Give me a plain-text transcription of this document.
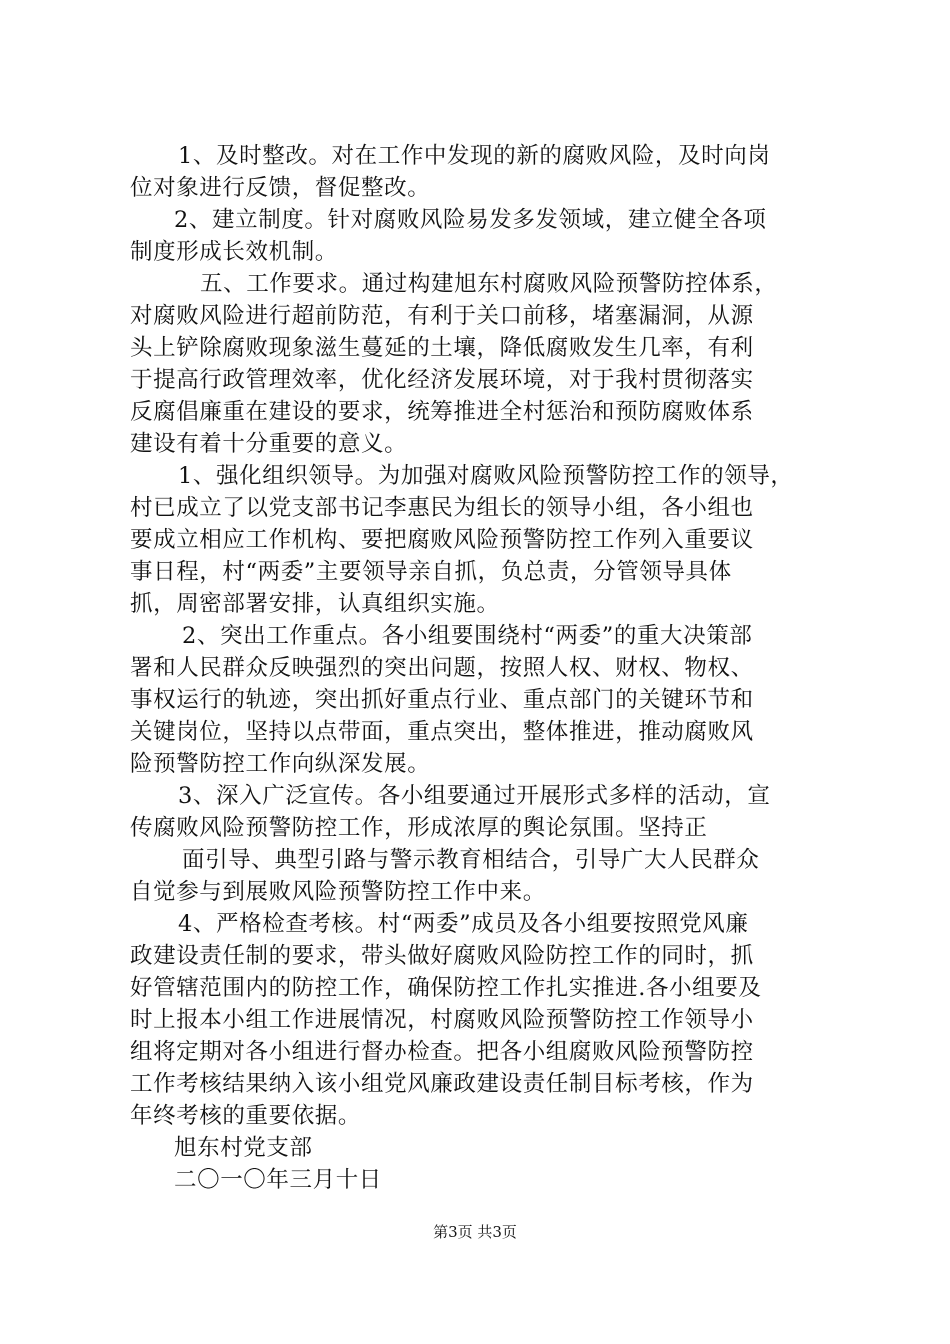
1、及时整改。对在工作中发现的新的腐败风险，及时向岗
位对象进行反馈，督促整改。
2、建立制度。针对腐败风险易发多发领域，建立健全各项
制度形成长效机制。
五、工作要求。通过构建旭东村腐败风险预警防控体系，
对腐败风险进行超前防范，有利于关口前移，堵塞漏洞，从源
头上铲除腐败现象滋生蔓延的土壤，降低腐败发生几率，有利
于提高行政管理效率，优化经济发展环境，对于我村贯彻落实
反腐倡廉重在建设的要求，统筹推进全村惩治和预防腐败体系
建设有着十分重要的意义。
1、强化组织领导。为加强对腐败风险预警防控工作的领导，
村已成立了以党支部书记李惠民为组长的领导小组，各小组也
要成立相应工作机构、要把腐败风险预警防控工作列入重要议
事日程，村“两委”主要领导亲自抓，负总责，分管领导具体
抓，周密部署安排，认真组织实施。
2、突出工作重点。各小组要围绕村“两委”的重大决策部
署和人民群众反映强烈的突出问题，按照人权、财权、物权、
事权运行的轨迹，突出抓好重点行业、重点部门的关键环节和
关键岗位，坚持以点带面，重点突出，整体推进，推动腐败风
险预警防控工作向纵深发展。
3、深入广泛宣传。各小组要通过开展形式多样的活动，宣
传腐败风险预警防控工作，形成浓厚的舆论氛围。坚持正
面引导、典型引路与警示教育相结合，引导广大人民群众
自觉参与到展败风险预警防控工作中来。
4、严格检查考核。村“两委”成员及各小组要按照党风廉
政建设责任制的要求，带头做好腐败风险防控工作的同时，抓
好管辖范围内的防控工作，确保防控工作扎实推进.各小组要及
时上报本小组工作进展情况，村腐败风险预警防控工作领导小
组将定期对各小组进行督办检查。把各小组腐败风险预警防控
工作考核结果纳入该小组党风廉政建设责任制目标考核，作为
年终考核的重要依据。
旭东村党支部
二〇一〇年三月十日
第3页 共3页
